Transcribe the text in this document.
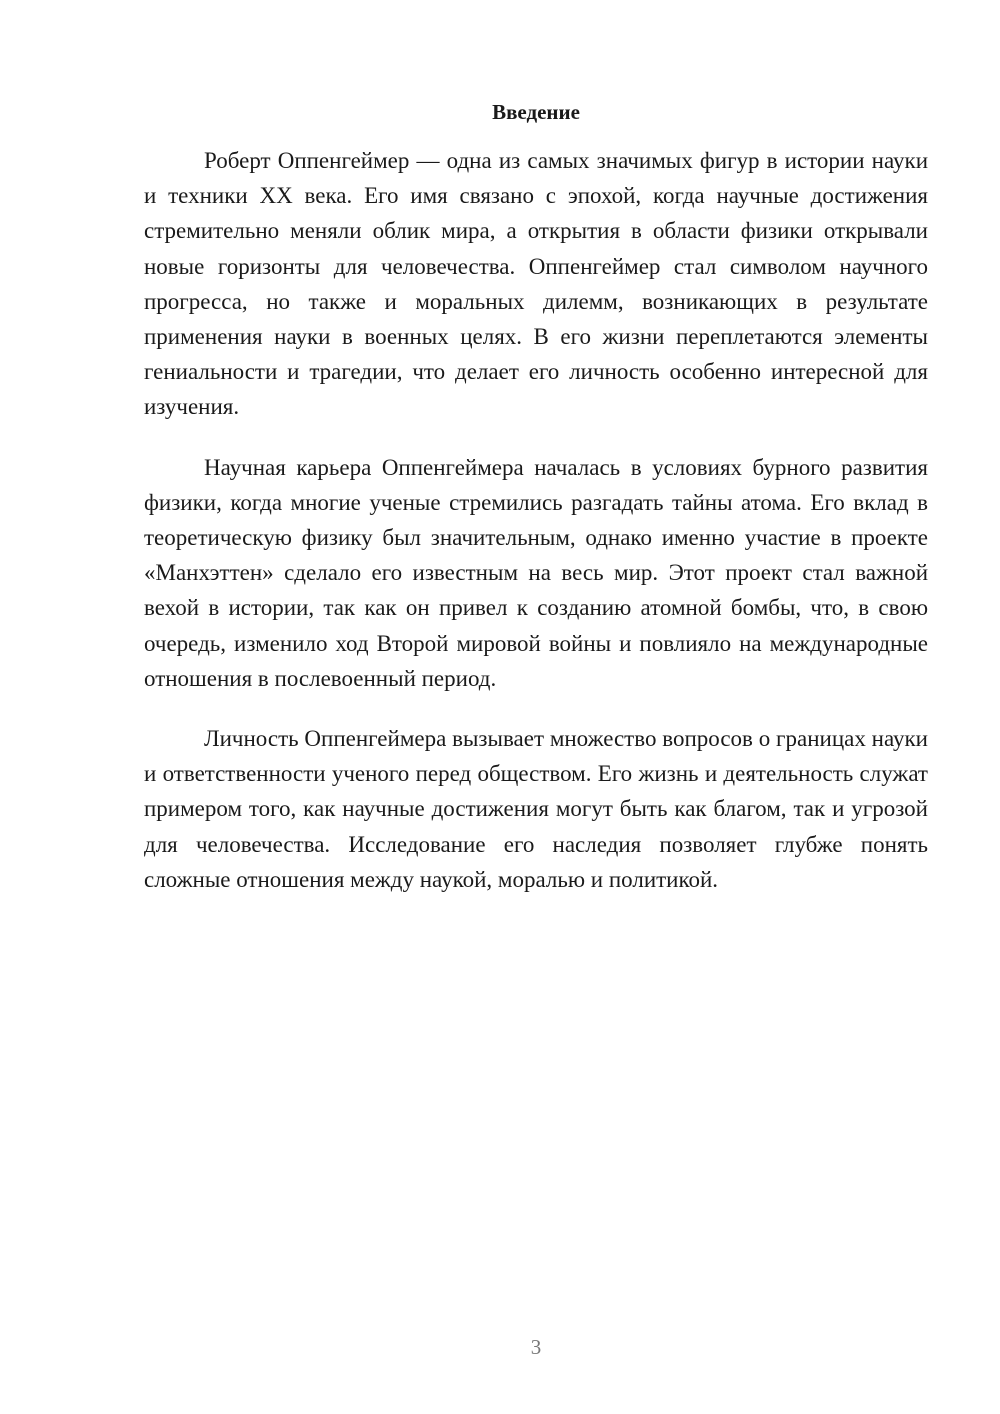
Введение

Роберт Оппенгеймер — одна из самых значимых фигур в истории науки и техники XX века. Его имя связано с эпохой, когда научные достижения стремительно меняли облик мира, а открытия в области физики открывали новые горизонты для человечества. Оппенгеймер стал символом научного прогресса, но также и моральных дилемм, возникающих в результате применения науки в военных целях. В его жизни переплетаются элементы гениальности и трагедии, что делает его личность особенно интересной для изучения.

Научная карьера Оппенгеймера началась в условиях бурного развития физики, когда многие ученые стремились разгадать тайны атома. Его вклад в теоретическую физику был значительным, однако именно участие в проекте «Манхэттен» сделало его известным на весь мир. Этот проект стал важной вехой в истории, так как он привел к созданию атомной бомбы, что, в свою очередь, изменило ход Второй мировой войны и повлияло на международные отношения в послевоенный период.

Личность Оппенгеймера вызывает множество вопросов о границах науки и ответственности ученого перед обществом. Его жизнь и деятельность служат примером того, как научные достижения могут быть как благом, так и угрозой для человечества. Исследование его наследия позволяет глубже понять сложные отношения между наукой, моралью и политикой.

3
